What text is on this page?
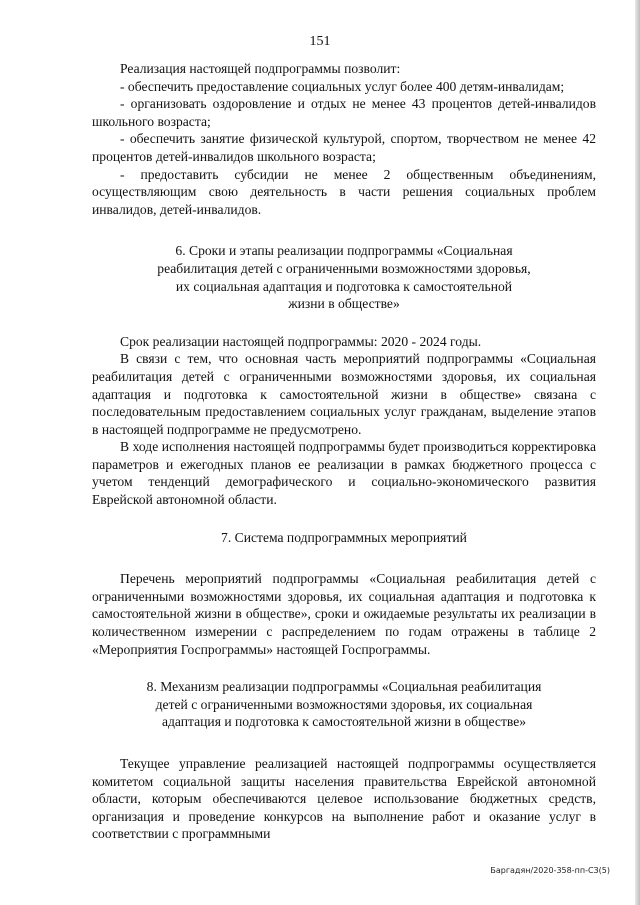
151

Реализация настоящей подпрограммы позволит:

- обеспечить предоставление социальных услуг более 400 детям-инвалидам;

- организовать оздоровление и отдых не менее 43 процентов детей-инвалидов школьного возраста;

- обеспечить занятие физической культурой, спортом, творчеством не менее 42 процентов детей-инвалидов школьного возраста;

- предоставить субсидии не менее 2 общественным объединениям, осуществляющим свою деятельность в части решения социальных проблем инвалидов, детей-инвалидов.

6. Сроки и этапы реализации подпрограммы «Социальная

реабилитация детей с ограниченными возможностями здоровья,

их социальная адаптация и подготовка к самостоятельной

жизни в обществе»

Срок реализации настоящей подпрограммы: 2020 - 2024 годы.

В связи с тем, что основная часть мероприятий подпрограммы «Социальная реабилитация детей с ограниченными возможностями здоровья, их социальная адаптация и подготовка к самостоятельной жизни в обществе» связана с последовательным предоставлением социальных услуг гражданам, выделение этапов в настоящей подпрограмме не предусмотрено.

В ходе исполнения настоящей подпрограммы будет производиться корректировка параметров и ежегодных планов ее реализации в рамках бюджетного процесса с учетом тенденций демографического и социально-экономического развития Еврейской автономной области.

7. Система подпрограммных мероприятий

Перечень мероприятий подпрограммы «Социальная реабилитация детей с ограниченными возможностями здоровья, их социальная адаптация и подготовка к самостоятельной жизни в обществе», сроки и ожидаемые результаты их реализации в количественном измерении с распределением по годам отражены в таблице 2 «Мероприятия Госпрограммы» настоящей Госпрограммы.

8. Механизм реализации подпрограммы «Социальная реабилитация

детей с ограниченными возможностями здоровья, их социальная

адаптация и подготовка к самостоятельной жизни в обществе»

Текущее управление реализацией настоящей подпрограммы осуществляется комитетом социальной защиты населения правительства Еврейской автономной области, которым обеспечиваются целевое использование бюджетных средств, организация и проведение конкурсов на выполнение работ и оказание услуг в соответствии с программными

Баргадян/2020-358-пп-СЗ(5)
